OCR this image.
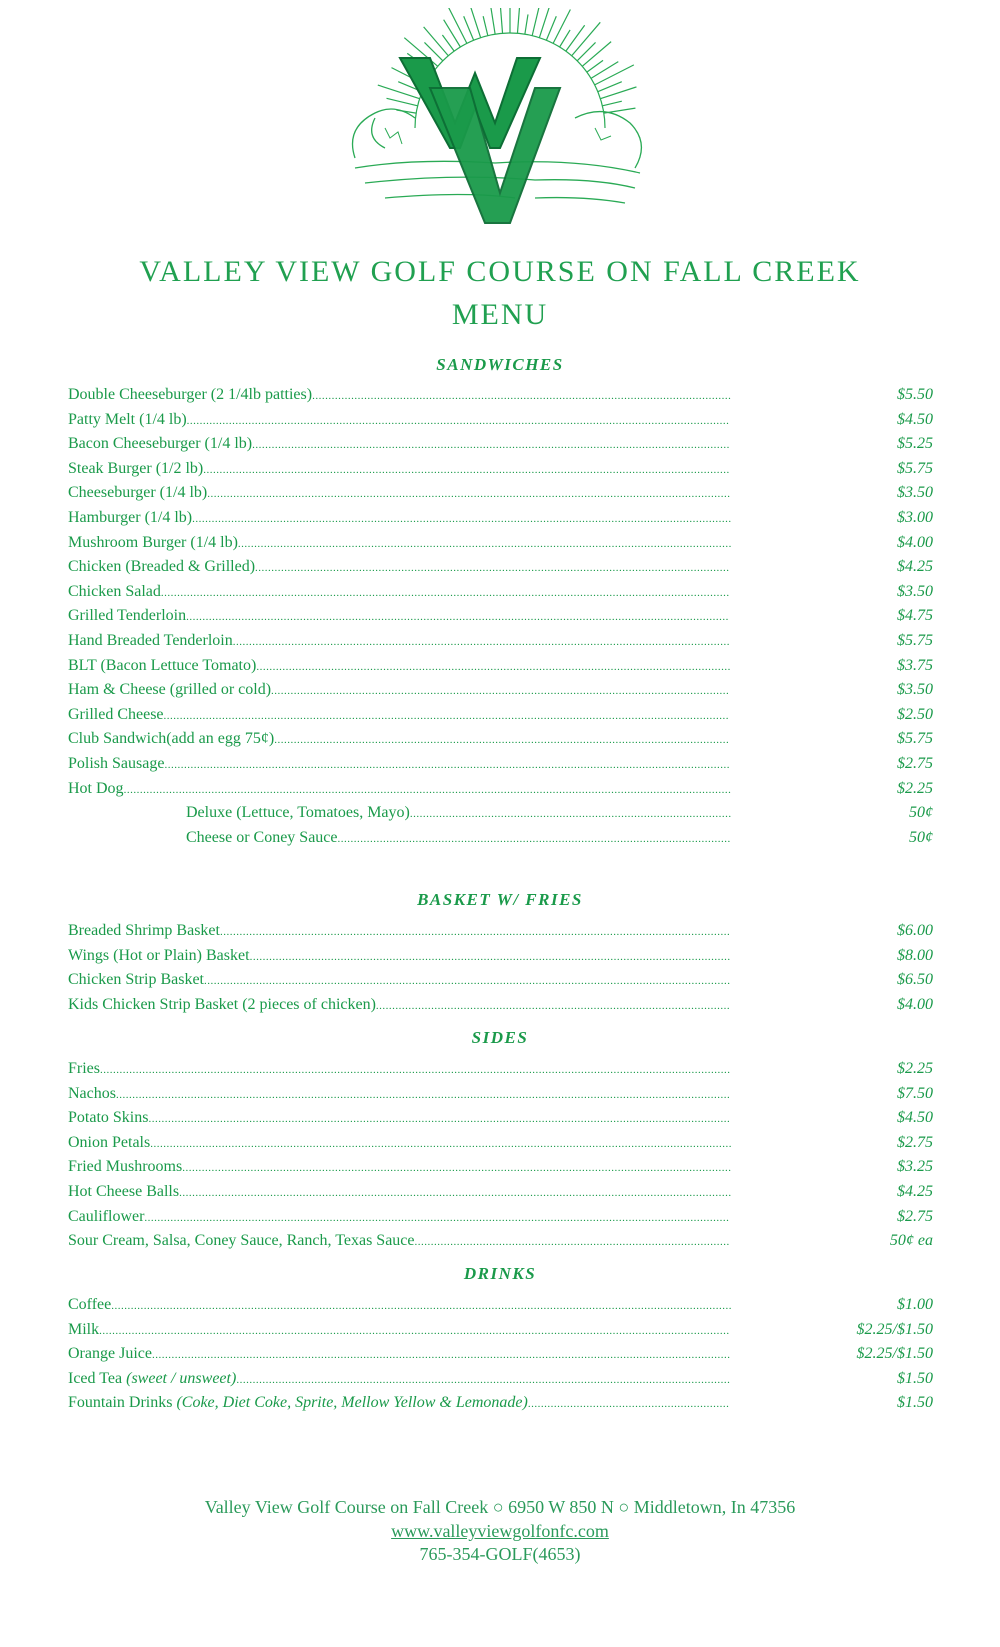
VALLEY VIEW GOLF COURSE ON FALL CREEK
MENU
SANDWICHES
Double Cheeseburger (2 1/4lb patties) .................................................................................................................................	$5.50
Patty Melt (1/4 lb) .......................................................................................................................................................................	$4.50
Bacon Cheeseburger (1/4 lb) ...................................................................................................................................................	$5.25
Steak Burger (1/2 lb) ..................................................................................................................................................................	$5.75
Cheeseburger (1/4 lb) .................................................................................................................................................................	$3.50
Hamburger (1/4 lb) ......................................................................................................................................................................	$3.00
Mushroom Burger (1/4 lb) ........................................................................................................................................................	$4.00
Chicken (Breaded & Grilled) ..................................................................................................................................................	$4.25
Chicken Salad ...............................................................................................................................................................................	$3.50
Grilled Tenderloin .......................................................................................................................................................................	$4.75
Hand Breaded Tenderloin .........................................................................................................................................................	$5.75
BLT (Bacon Lettuce Tomato) ..................................................................................................................................................	$3.75
Ham & Cheese (grilled or cold) .............................................................................................................................................	$3.50
Grilled Cheese ..............................................................................................................................................................................	$2.50
Club Sandwich(add an egg 75¢) ............................................................................................................................................	$5.75
Polish Sausage ..............................................................................................................................................................................	$2.75
Hot Dog ...........................................................................................................................................................................................	$2.25
Deluxe (Lettuce, Tomatoes, Mayo) ...................................................................................................	50¢
Cheese or Coney Sauce .........................................................................................................................	50¢
BASKET W/ FRIES
Breaded Shrimp Basket .............................................................................................................................................................	$6.00
Wings (Hot or Plain) Basket ....................................................................................................................................................	$8.00
Chicken Strip Basket ..................................................................................................................................................................	$6.50
Kids Chicken Strip Basket (2 pieces of chicken) .............................................................................................................	$4.00
SIDES
Fries ..................................................................................................................................................................................................	$2.25
Nachos .............................................................................................................................................................................................	$7.50
Potato Skins ...................................................................................................................................................................................	$4.50
Onion Petals ...................................................................................................................................................................................	$2.75
Fried Mushrooms .........................................................................................................................................................................	$3.25
Hot Cheese Balls ..........................................................................................................................................................................	$4.25
Cauliflower ....................................................................................................................................................................................	$2.75
Sour Cream, Salsa, Coney Sauce, Ranch, Texas Sauce .................................................................................................	50¢ ea
DRINKS
Coffee ...............................................................................................................................................................................................	$1.00
Milk ..................................................................................................................................................................................................	$2.25/$1.50
Orange Juice ..................................................................................................................................................................................	$2.25/$1.50
Iced Tea (sweet / unsweet) ........................................................................................................................................................	$1.50
Fountain Drinks (Coke, Diet Coke, Sprite, Mellow Yellow & Lemonade) ..............................................................	$1.50
Valley View Golf Course on Fall Creek ○ 6950 W 850 N ○ Middletown, In 47356
www.valleyviewgolfonfc.com
765-354-GOLF(4653)
